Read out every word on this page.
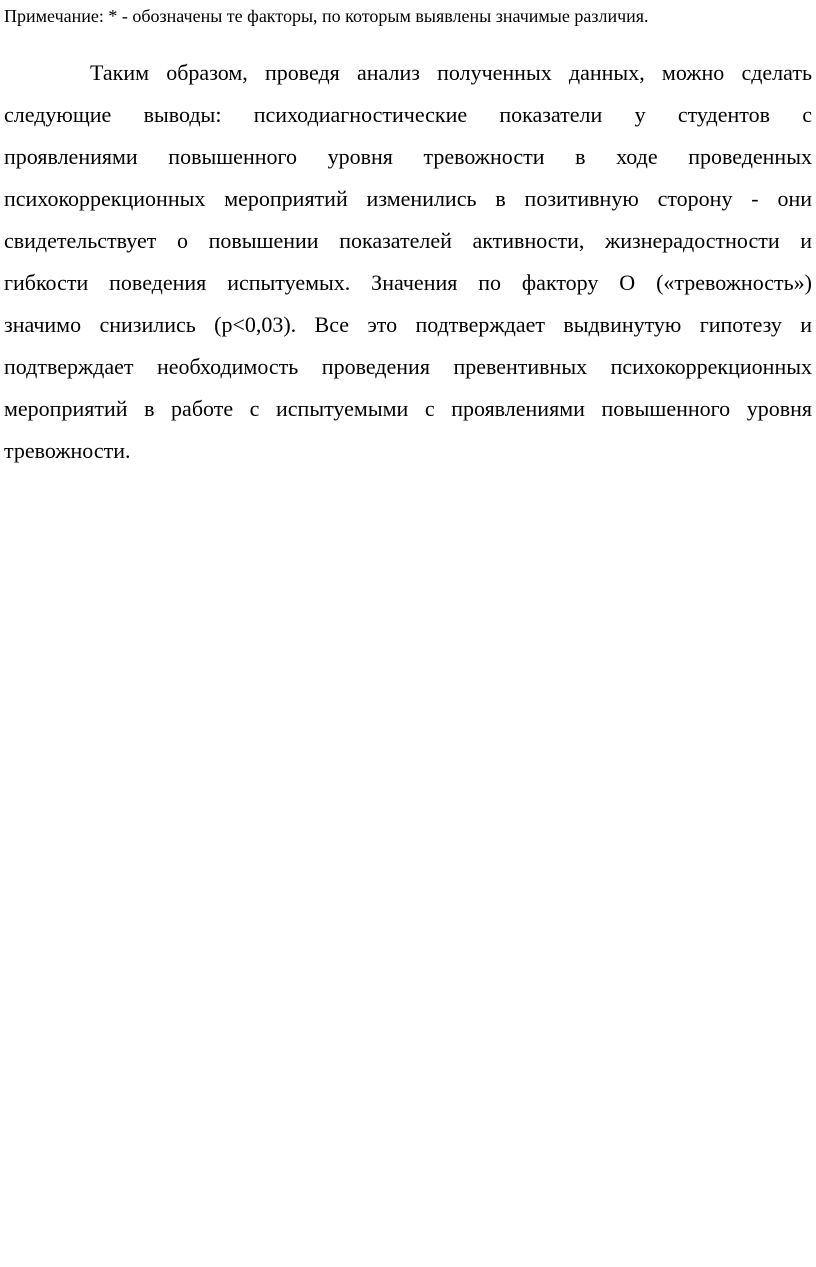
Примечание: * - обозначены те факторы, по которым выявлены значимые различия.
Таким образом, проведя анализ полученных данных, можно сделать
следующие выводы: психодиагностические показатели у студентов с
проявлениями повышенного уровня тревожности в ходе проведенных
психокоррекционных мероприятий изменились в позитивную сторону - они
свидетельствует о повышении показателей активности, жизнерадостности и
гибкости поведения испытуемых. Значения по фактору О («тревожность»)
значимо снизились (р<0,03). Все это подтверждает выдвинутую гипотезу и
подтверждает необходимость проведения превентивных психокоррекционных
мероприятий в работе с испытуемыми с проявлениями повышенного уровня
тревожности.
